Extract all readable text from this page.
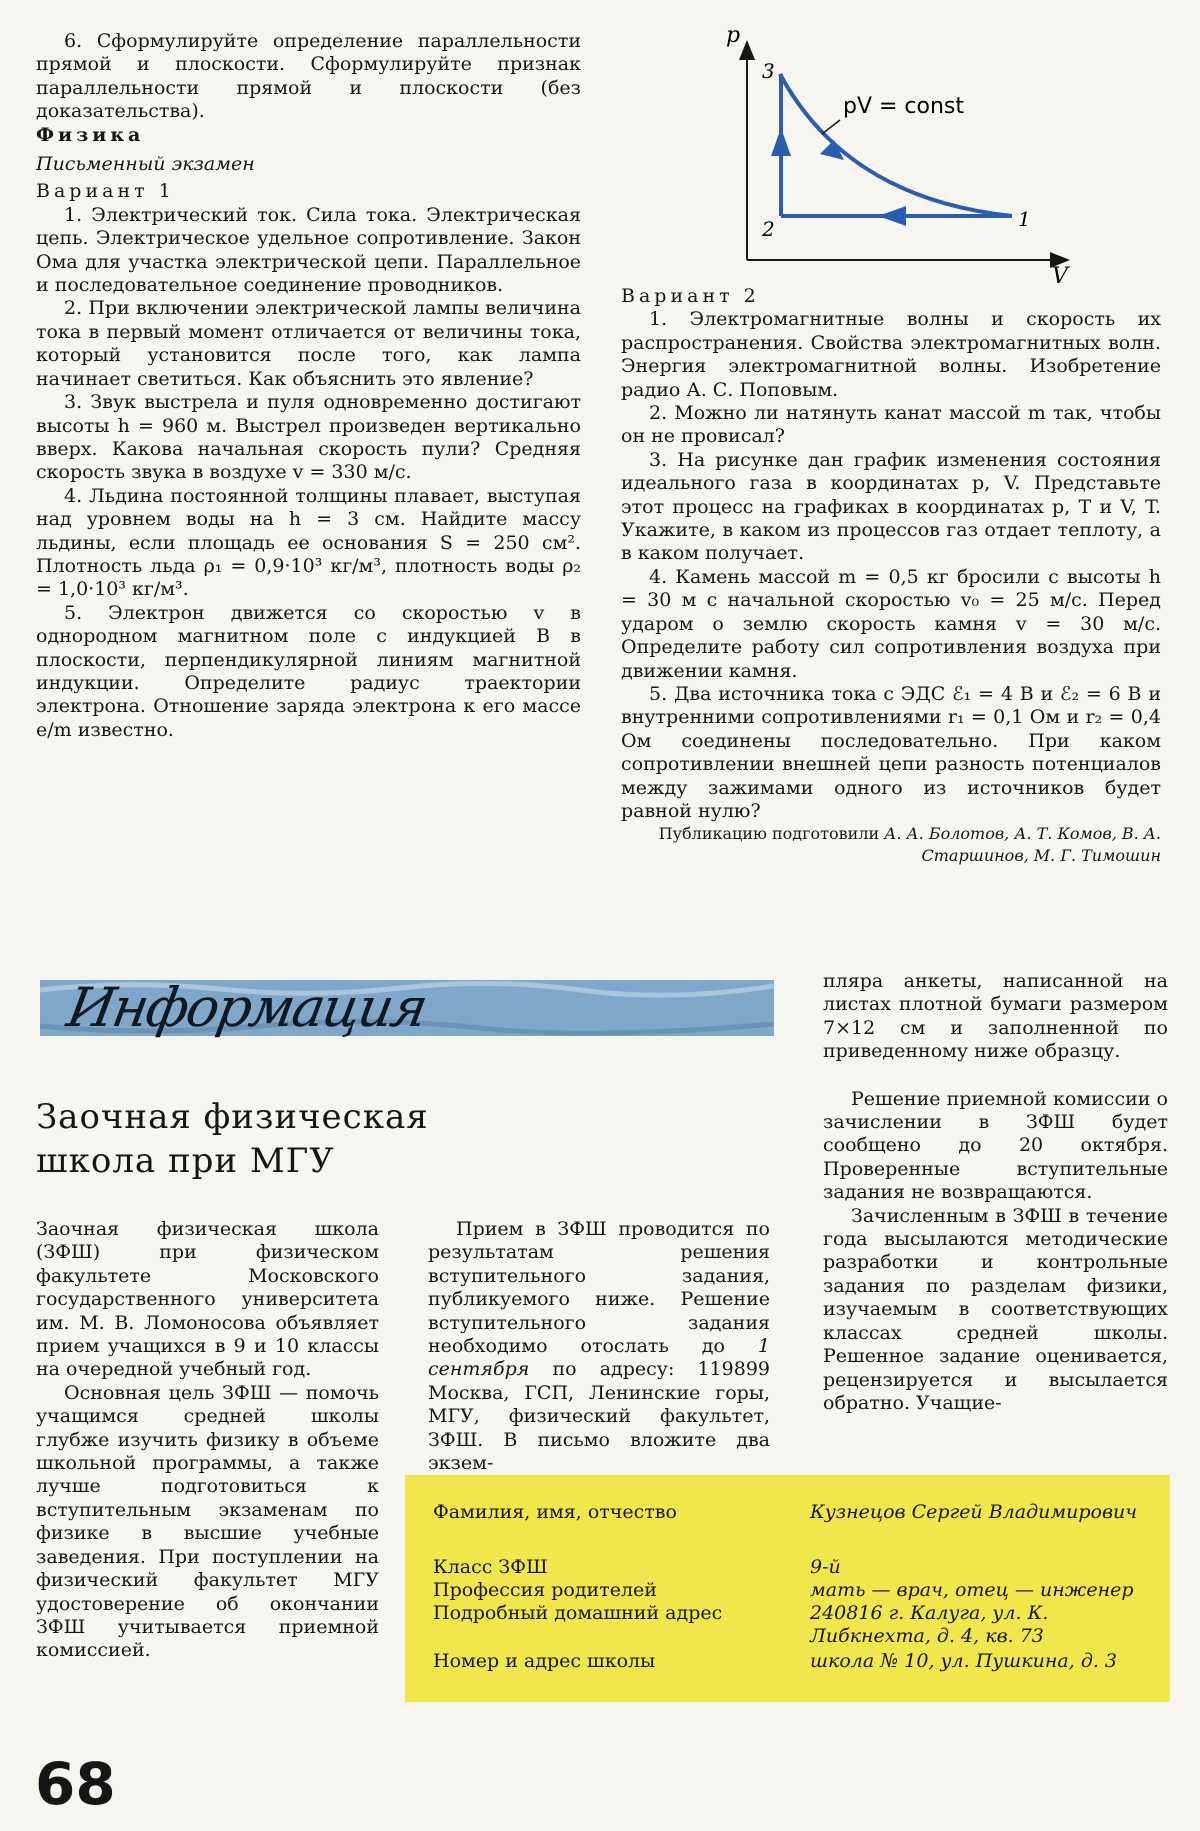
6. Сформулируйте определение параллельности прямой и плоскости. Сформулируйте признак параллельности прямой и плоскости (без доказательства).

Физика

Письменный экзамен

Вариант 1

1. Электрический ток. Сила тока. Электрическая цепь. Электрическое удельное сопротивление. Закон Ома для участка электрической цепи. Параллельное и последовательное соединение проводников.

2. При включении электрической лампы величина тока в первый момент отличается от величины тока, который установится после того, как лампа начинает светиться. Как объяснить это явление?

3. Звук выстрела и пуля одновременно достигают высоты h = 960 м. Выстрел произведен вертикально вверх. Какова начальная скорость пули? Средняя скорость звука в воздухе v = 330 м/с.

4. Льдина постоянной толщины плавает, выступая над уровнем воды на h = 3 см. Найдите массу льдины, если площадь ее основания S = 250 см². Плотность льда ρ₁ = 0,9·10³ кг/м³, плотность воды ρ₂ = 1,0·10³ кг/м³.

5. Электрон движется со скоростью v в однородном магнитном поле с индукцией B в плоскости, перпендикулярной линиям магнитной индукции. Определите радиус траектории электрона. Отношение заряда электрона к его массе e/m известно.

p
V
3
2	1
pV = const

Вариант 2

1. Электромагнитные волны и скорость их распространения. Свойства электромагнитных волн. Энергия электромагнитной волны. Изобретение радио А. С. Поповым.

2. Можно ли натянуть канат массой m так, чтобы он не провисал?

3. На рисунке дан график изменения состояния идеального газа в координатах p, V. Представьте этот процесс на графиках в координатах p, T и V, T. Укажите, в каком из процессов газ отдает теплоту, а в каком получает.

4. Камень массой m = 0,5 кг бросили с высоты h = 30 м с начальной скоростью v₀ = 25 м/с. Перед ударом о землю скорость камня v = 30 м/с. Определите работу сил сопротивления воздуха при движении камня.

5. Два источника тока с ЭДС ℰ₁ = 4 В и ℰ₂ = 6 В и внутренними сопротивлениями r₁ = 0,1 Ом и r₂ = 0,4 Ом соединены последовательно. При каком сопротивлении внешней цепи разность потенциалов между зажимами одного из источников будет равной нулю?

Публикацию подготовили А. А. Болотов, А. Т. Комов, В. А. Старшинов, М. Г. Тимошин

Информация
Заочная физическая школа при МГУ

Заочная физическая школа (ЗФШ) при физическом факультете Московского государственного университета им. М. В. Ломоносова объявляет прием учащихся в 9 и 10 классы на очередной учебный год.

Основная цель ЗФШ — помочь учащимся средней школы глубже изучить физику в объеме школьной программы, а также лучше подготовиться к вступительным экзаменам по физике в высшие учебные заведения. При поступлении на физический факультет МГУ удостоверение об окончании ЗФШ учитывается приемной комиссией.

Прием в ЗФШ проводится по результатам решения вступительного задания, публикуемого ниже. Решение вступительного задания необходимо отослать до 1 сентября по адресу: 119899 Москва, ГСП, Ленинские горы, МГУ, физический факультет, ЗФШ. В письмо вложите два экзем-

пляра анкеты, написанной на листах плотной бумаги размером 7×12 см и заполненной по приведенному ниже образцу.

Решение приемной комиссии о зачислении в ЗФШ будет сообщено до 20 октября. Проверенные вступительные задания не возвращаются.

Зачисленным в ЗФШ в течение года высылаются методические разработки и контрольные задания по разделам физики, изучаемым в соответствующих классах средней школы. Решенное задание оценивается, рецензируется и высылается обратно. Учащие-

Фамилия, имя, отчество	Кузнецов Сергей Владимирович
Класс ЗФШ	9-й
Профессия родителей	мать — врач, отец — инженер
Подробный домашний адрес	240816 г. Калуга, ул. К. Либкнехта, д. 4, кв. 73
Номер и адрес школы	школа № 10, ул. Пушкина, д. 3
68
